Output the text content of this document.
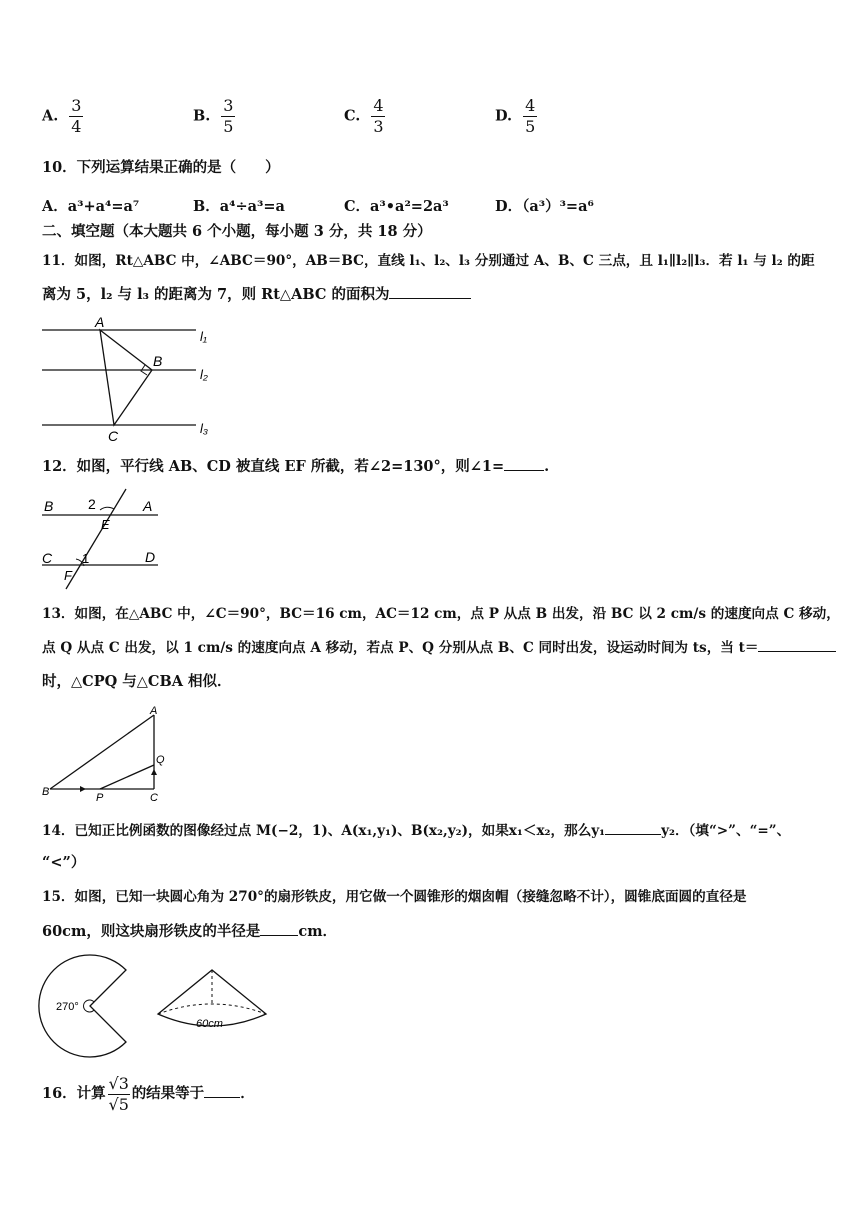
A. $\frac{3}{4}$	B. $\frac{3}{5}$	C. $\frac{4}{3}$	D. $\frac{4}{5}$
10．下列运算结果正确的是（　　）
A．a³+a⁴=a⁷	B．a⁴÷a³=a	C．a³•a²=2a³	D．（a³）³=a⁶
二、填空题（本大题共 6 个小题，每小题 3 分，共 18 分）
11．如图，Rt△ABC 中，∠ABC＝90°，AB＝BC，直线 l₁、l₂、l₃ 分别通过 A、B、C 三点，且 l₁∥l₂∥l₃．若 l₁ 与 l₂ 的距
离为 5，l₂ 与 l₃ 的距离为 7，则 Rt△ABC 的面积为
A
B
C
l₁
l₂
l₃
12．如图，平行线 AB、CD 被直线 EF 所截，若∠2=130°，则∠1=	.
B	A
C	D
E
F
1
2
13．如图，在△ABC 中，∠C＝90°，BC＝16 cm，AC＝12 cm，点 P 从点 B 出发，沿 BC 以 2 cm/s 的速度向点 C 移动，
点 Q 从点 C 出发，以 1 cm/s 的速度向点 A 移动，若点 P、Q 分别从点 B、C 同时出发，设运动时间为 ts，当 t＝
时，△CPQ 与△CBA 相似．
A
B	C
P
Q
14．已知正比例函数的图像经过点 M(−2，1)、A(x₁,y₁)、B(x₂,y₂)，如果x₁＜x₂，那么y₁	y₂．（填“>”、“=”、
“<”）
15．如图，已知一块圆心角为 270°的扇形铁皮，用它做一个圆锥形的烟囱帽（接缝忽略不计），圆锥底面圆的直径是
60cm，则这块扇形铁皮的半径是	cm．
270°
60cm
16．计算 $\frac{√3}{√5}$ 的结果等于 ．
